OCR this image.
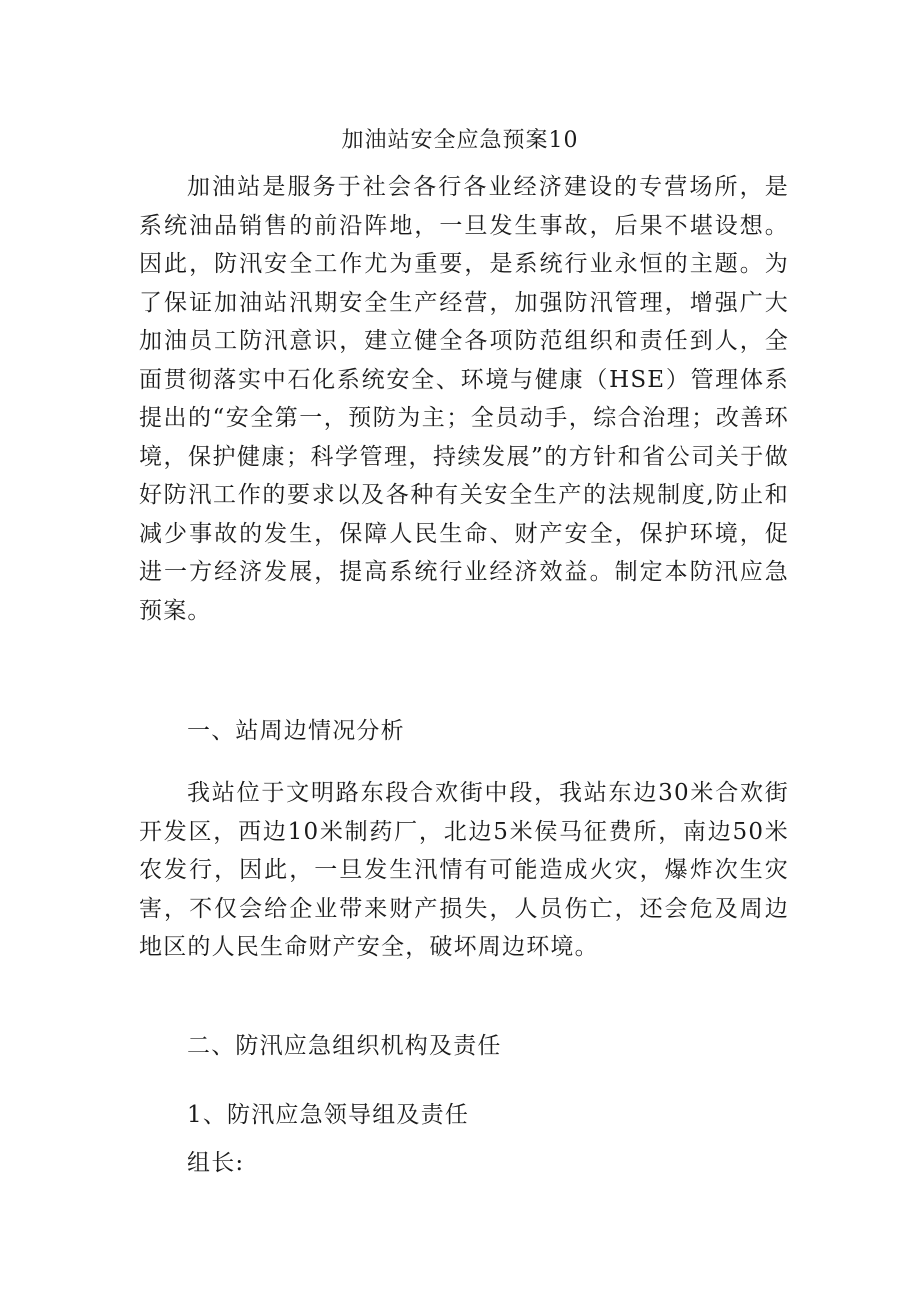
加油站安全应急预案10

加油站是服务于社会各行各业经济建设的专营场所，是系统油品销售的前沿阵地，一旦发生事故，后果不堪设想。因此，防汛安全工作尤为重要，是系统行业永恒的主题。为了保证加油站汛期安全生产经营，加强防汛管理，增强广大加油员工防汛意识，建立健全各项防范组织和责任到人，全面贯彻落实中石化系统安全、环境与健康（HSE）管理体系提出的“安全第一，预防为主；全员动手，综合治理；改善环境，保护健康；科学管理，持续发展”的方针和省公司关于做好防汛工作的要求以及各种有关安全生产的法规制度,防止和减少事故的发生，保障人民生命、财产安全，保护环境，促进一方经济发展，提高系统行业经济效益。制定本防汛应急预案。

一、站周边情况分析

我站位于文明路东段合欢街中段，我站东边30米合欢街开发区，西边10米制药厂，北边5米侯马征费所，南边50米农发行，因此，一旦发生汛情有可能造成火灾，爆炸次生灾害，不仅会给企业带来财产损失，人员伤亡，还会危及周边地区的人民生命财产安全，破坏周边环境。

二、防汛应急组织机构及责任

1、防汛应急领导组及责任

组长:
